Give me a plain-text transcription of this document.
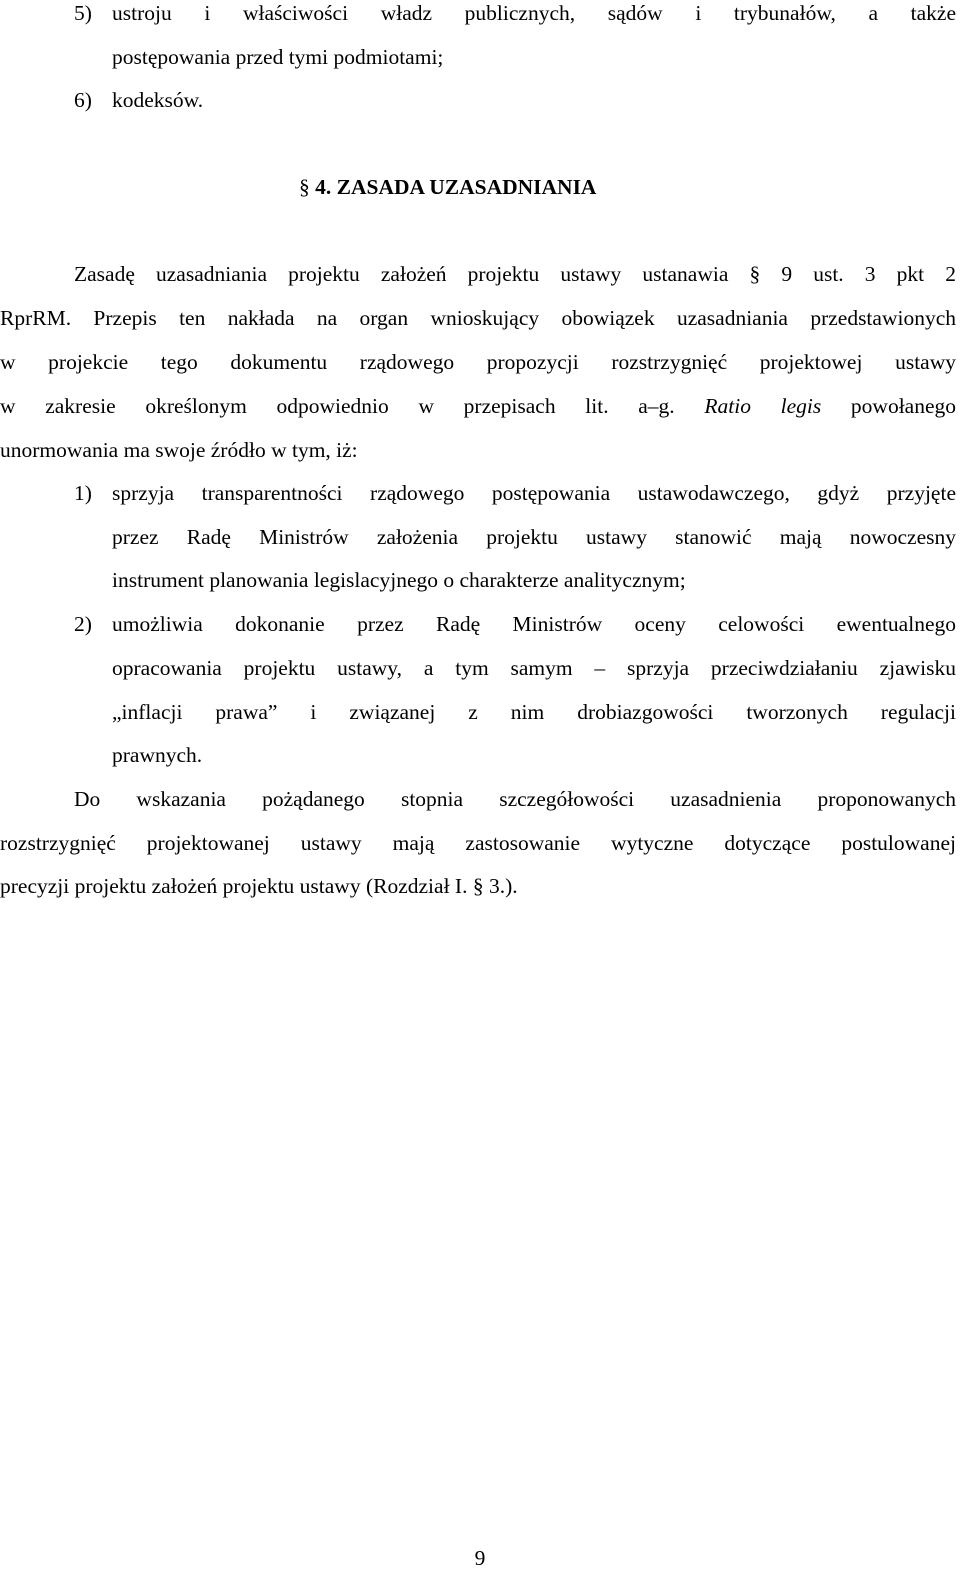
5) ustroju i właściwości władz publicznych, sądów i trybunałów, a także
postępowania przed tymi podmiotami;
6) kodeksów.
§ 4. ZASADA UZASADNIANIA
Zasadę uzasadniania projektu założeń projektu ustawy ustanawia § 9 ust. 3 pkt 2
RprRM. Przepis ten nakłada na organ wnioskujący obowiązek uzasadniania przedstawionych
w projekcie tego dokumentu rządowego propozycji rozstrzygnięć projektowej ustawy
w zakresie określonym odpowiednio w przepisach lit. a–g. Ratio legis powołanego
unormowania ma swoje źródło w tym, iż:
1) sprzyja transparentności rządowego postępowania ustawodawczego, gdyż przyjęte
przez Radę Ministrów założenia projektu ustawy stanowić mają nowoczesny
instrument planowania legislacyjnego o charakterze analitycznym;
2) umożliwia dokonanie przez Radę Ministrów oceny celowości ewentualnego
opracowania projektu ustawy, a tym samym – sprzyja przeciwdziałaniu zjawisku
„inflacji prawa” i związanej z nim drobiazgowości tworzonych regulacji
prawnych.
Do wskazania pożądanego stopnia szczegółowości uzasadnienia proponowanych
rozstrzygnięć projektowanej ustawy mają zastosowanie wytyczne dotyczące postulowanej
precyzji projektu założeń projektu ustawy (Rozdział I. § 3.).
9
